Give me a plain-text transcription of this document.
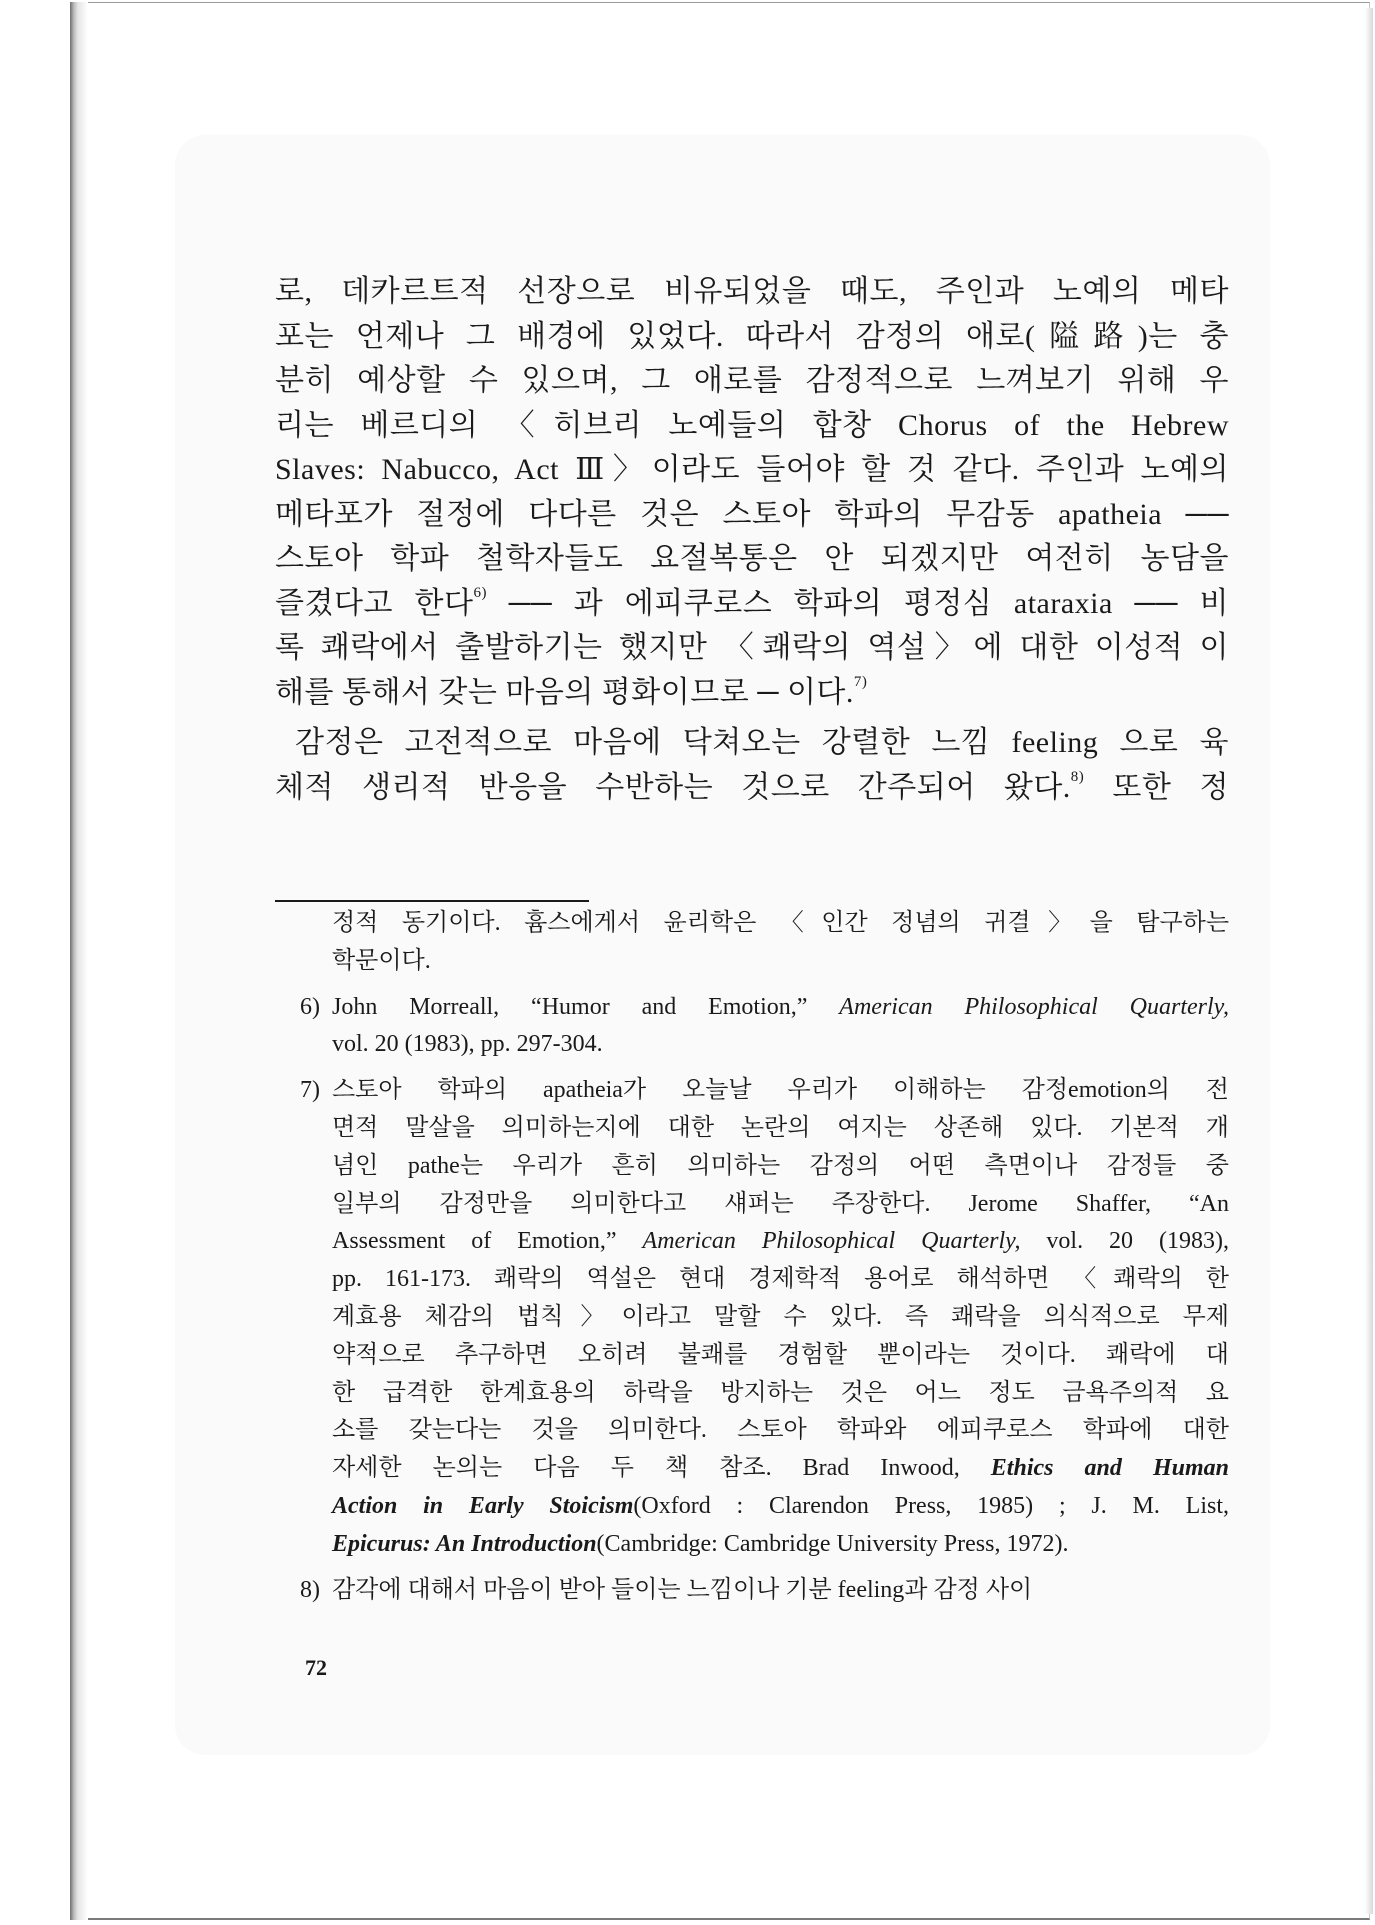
로, 데카르트적 선장으로 비유되었을 때도, 주인과 노예의 메타
포는 언제나 그 배경에 있었다. 따라서 감정의 애로(隘路)는 충
분히 예상할 수 있으며, 그 애로를 감정적으로 느껴보기 위해 우
리는 베르디의 〈히브리 노예들의 합창 Chorus of the Hebrew
Slaves: Nabucco, Act Ⅲ〉이라도 들어야 할 것 같다. 주인과 노예의
메타포가 절정에 다다른 것은 스토아 학파의 무감동 apatheia ──
스토아 학파 철학자들도 요절복통은 안 되겠지만 여전히 농담을
즐겼다고 한다$^{6)}$ ── 과 에피쿠로스 학파의 평정심 ataraxia ── 비
록 쾌락에서 출발하기는 했지만 〈쾌락의 역설〉에 대한 이성적 이
해를 통해서 갖는 마음의 평화이므로 ─ 이다.$^{7)}$
감정은 고전적으로 마음에 닥쳐오는 강렬한 느낌 feeling 으로 육
체적 생리적 반응을 수반하는 것으로 간주되어 왔다.$^{8)}$ 또한 정
정적 동기이다. 흄스에게서 윤리학은 〈인간 정념의 귀결〉을 탐구하는
학문이다.
6) John Morreall, “Humor and Emotion,” American Philosophical Quarterly,
vol. 20 (1983), pp. 297-304.
7) 스토아 학파의 apatheia가 오늘날 우리가 이해하는 감정emotion의 전
면적 말살을 의미하는지에 대한 논란의 여지는 상존해 있다. 기본적 개
념인 pathe는 우리가 흔히 의미하는 감정의 어떤 측면이나 감정들 중
일부의 감정만을 의미한다고 섀퍼는 주장한다. Jerome Shaffer, “An
Assessment of Emotion,” American Philosophical Quarterly, vol. 20 (1983),
pp. 161-173. 쾌락의 역설은 현대 경제학적 용어로 해석하면 〈쾌락의 한
계효용 체감의 법칙〉이라고 말할 수 있다. 즉 쾌락을 의식적으로 무제
약적으로 추구하면 오히려 불쾌를 경험할 뿐이라는 것이다. 쾌락에 대
한 급격한 한계효용의 하락을 방지하는 것은 어느 정도 금욕주의적 요
소를 갖는다는 것을 의미한다. 스토아 학파와 에피쿠로스 학파에 대한
자세한 논의는 다음 두 책 참조. Brad Inwood, Ethics and Human
Action in Early Stoicism(Oxford : Clarendon Press, 1985) ; J. M. List,
Epicurus: An Introduction(Cambridge: Cambridge University Press, 1972).
8) 감각에 대해서 마음이 받아 들이는 느낌이나 기분 feeling과 감정 사이
72
